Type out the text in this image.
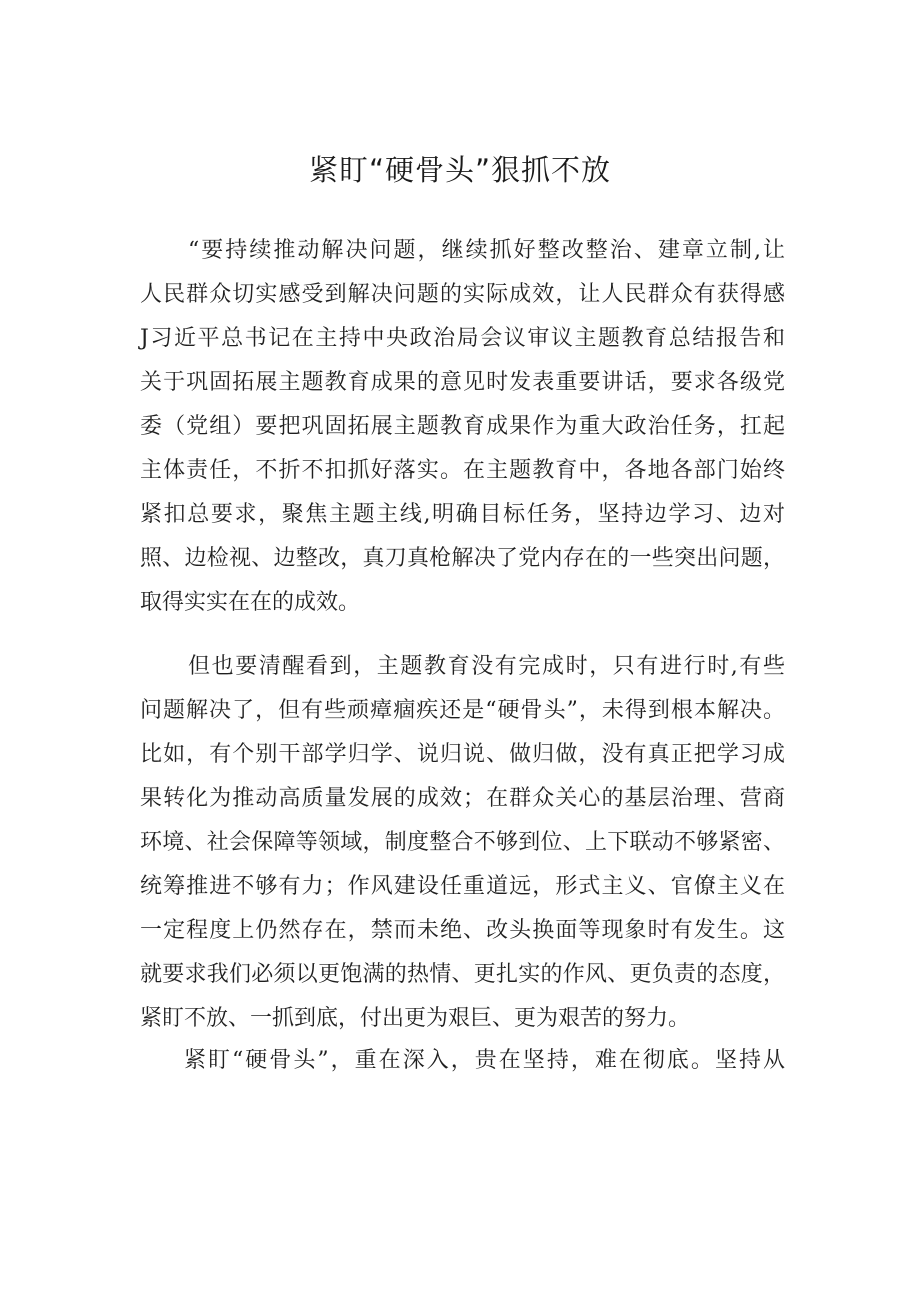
紧盯“硬骨头”狠抓不放
“要持续推动解决问题，继续抓好整改整治、建章立制,让
人民群众切实感受到解决问题的实际成效，让人民群众有获得感
J习近平总书记在主持中央政治局会议审议主题教育总结报告和
关于巩固拓展主题教育成果的意见时发表重要讲话，要求各级党
委（党组）要把巩固拓展主题教育成果作为重大政治任务，扛起
主体责任，不折不扣抓好落实。在主题教育中，各地各部门始终
紧扣总要求，聚焦主题主线,明确目标任务，坚持边学习、边对
照、边检视、边整改，真刀真枪解决了党内存在的一些突出问题，
取得实实在在的成效。
但也要清醒看到，主题教育没有完成时，只有进行时,有些
问题解决了，但有些顽瘴痼疾还是“硬骨头”，未得到根本解决。
比如，有个别干部学归学、说归说、做归做，没有真正把学习成
果转化为推动高质量发展的成效；在群众关心的基层治理、营商
环境、社会保障等领域，制度整合不够到位、上下联动不够紧密、
统筹推进不够有力；作风建设任重道远，形式主义、官僚主义在
一定程度上仍然存在，禁而未绝、改头换面等现象时有发生。这
就要求我们必须以更饱满的热情、更扎实的作风、更负责的态度，
紧盯不放、一抓到底，付出更为艰巨、更为艰苦的努力。
紧盯“硬骨头”，重在深入，贵在坚持，难在彻底。坚持从
